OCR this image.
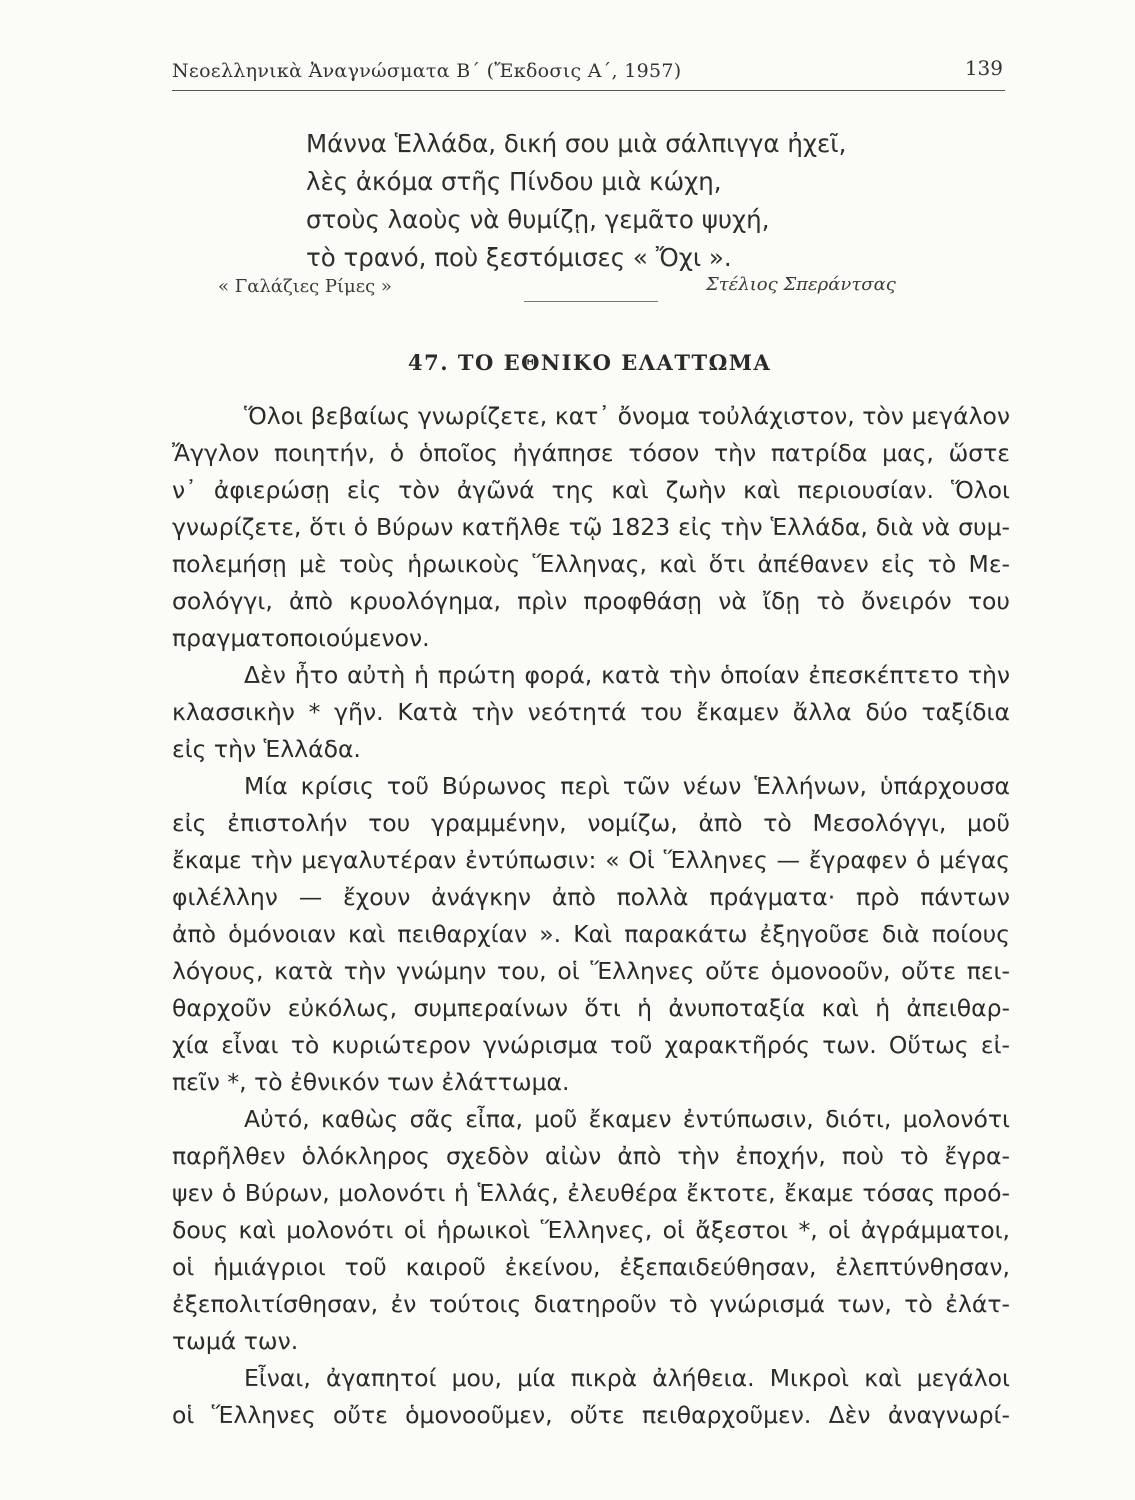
Νεοελληνικὰ Ἀναγνώσματα Β΄ (Ἔκδοσις Α΄, 1957)	139
Μάννα Ἑλλάδα, δική σου μιὰ σάλπιγγα ἠχεῖ,
λὲς ἀκόμα στῆς Πίνδου μιὰ κώχη,
στοὺς λαοὺς νὰ θυμίζῃ, γεμᾶτο ψυχή,
τὸ τρανό, ποὺ ξεστόμισες « Ὄχι ».
« Γαλάζιες Ρίμες »	Στέλιος Σπεράντσας
47. ΤΟ ΕΘΝΙΚΟ ΕΛΑΤΤΩΜΑ
Ὅλοι βεβαίως γνωρίζετε, κατ᾽ ὄνομα τοὐλάχιστον, τὸν μεγάλον
Ἄγγλον ποιητήν, ὁ ὁποῖος ἠγάπησε τόσον τὴν πατρίδα μας, ὥστε
ν᾽ ἀφιερώσῃ εἰς τὸν ἀγῶνά της καὶ ζωὴν καὶ περιουσίαν. Ὅλοι
γνωρίζετε, ὅτι ὁ Βύρων κατῆλθε τῷ 1823 εἰς τὴν Ἑλλάδα, διὰ νὰ συμ-
πολεμήσῃ μὲ τοὺς ἡρωικοὺς Ἕλληνας, καὶ ὅτι ἀπέθανεν εἰς τὸ Με-
σολόγγι, ἀπὸ κρυολόγημα, πρὶν προφθάσῃ νὰ ἴδῃ τὸ ὄνειρόν του
πραγματοποιούμενον.
Δὲν ἦτο αὐτὴ ἡ πρώτη φορά, κατὰ τὴν ὁποίαν ἐπεσκέπτετο τὴν
κλασσικὴν * γῆν. Κατὰ τὴν νεότητά του ἔκαμεν ἄλλα δύο ταξίδια
εἰς τὴν Ἑλλάδα.
Μία κρίσις τοῦ Βύρωνος περὶ τῶν νέων Ἑλλήνων, ὑπάρχουσα
εἰς ἐπιστολήν του γραμμένην, νομίζω, ἀπὸ τὸ Μεσολόγγι, μοῦ
ἔκαμε τὴν μεγαλυτέραν ἐντύπωσιν: « Οἱ Ἕλληνες — ἔγραφεν ὁ μέγας
φιλέλλην — ἔχουν ἀνάγκην ἀπὸ πολλὰ πράγματα· πρὸ πάντων
ἀπὸ ὁμόνοιαν καὶ πειθαρχίαν ». Καὶ παρακάτω ἐξηγοῦσε διὰ ποίους
λόγους, κατὰ τὴν γνώμην του, οἱ Ἕλληνες οὔτε ὁμονοοῦν, οὔτε πει-
θαρχοῦν εὐκόλως, συμπεραίνων ὅτι ἡ ἀνυποταξία καὶ ἡ ἀπειθαρ-
χία εἶναι τὸ κυριώτερον γνώρισμα τοῦ χαρακτῆρός των. Οὕτως εἰ-
πεῖν *, τὸ ἐθνικόν των ἐλάττωμα.
Αὐτό, καθὼς σᾶς εἶπα, μοῦ ἔκαμεν ἐντύπωσιν, διότι, μολονότι
παρῆλθεν ὁλόκληρος σχεδὸν αἰὼν ἀπὸ τὴν ἐποχήν, ποὺ τὸ ἔγρα-
ψεν ὁ Βύρων, μολονότι ἡ Ἑλλάς, ἐλευθέρα ἔκτοτε, ἔκαμε τόσας προό-
δους καὶ μολονότι οἱ ἡρωικοὶ Ἕλληνες, οἱ ἄξεστοι *, οἱ ἀγράμματοι,
οἱ ἡμιάγριοι τοῦ καιροῦ ἐκείνου, ἐξεπαιδεύθησαν, ἐλεπτύνθησαν,
ἐξεπολιτίσθησαν, ἐν τούτοις διατηροῦν τὸ γνώρισμά των, τὸ ἐλάτ-
τωμά των.
Εἶναι, ἀγαπητοί μου, μία πικρὰ ἀλήθεια. Μικροὶ καὶ μεγάλοι
οἱ Ἕλληνες οὔτε ὁμονοοῦμεν, οὔτε πειθαρχοῦμεν. Δὲν ἀναγνωρί-
